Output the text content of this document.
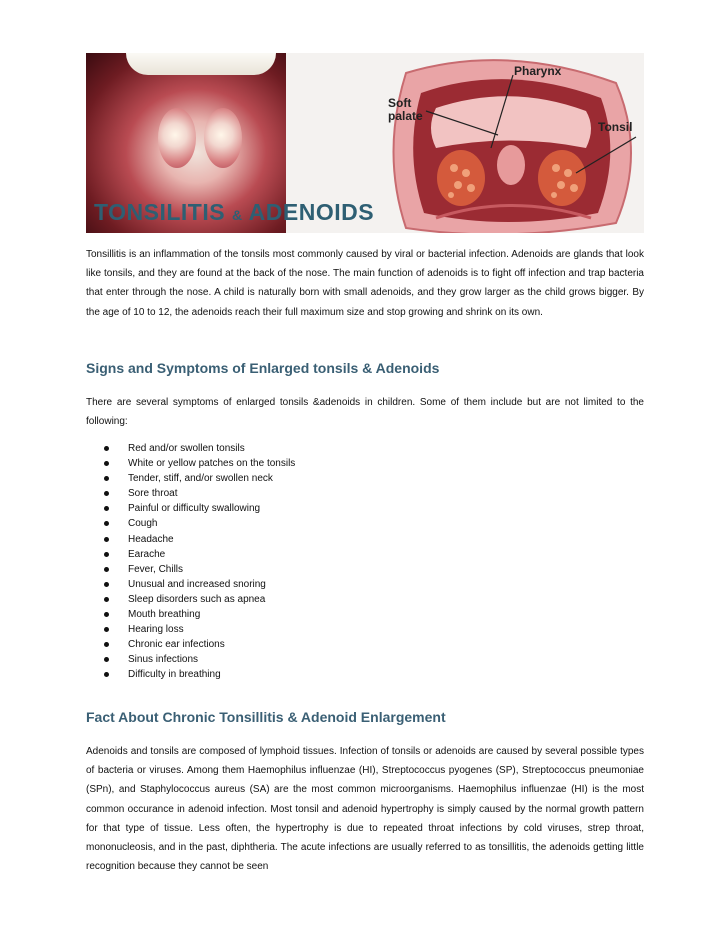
Soft
palate
Pharynx
Tonsil
TONSILITIS & ADENOIDS
Tonsillitis is an inflammation of the tonsils most commonly caused by viral or bacterial infection. Adenoids are glands that look like tonsils, and they are found at the back of the nose. The main function of adenoids is to fight off infection and trap bacteria that enter through the nose. A child is naturally born with small adenoids, and they grow larger as the child grows bigger. By the age of 10 to 12, the adenoids reach their full maximum size and stop growing and shrink on its own.
Signs and Symptoms of Enlarged tonsils & Adenoids
There are several symptoms of enlarged tonsils &adenoids in children. Some of them include but are not limited to the following:
Red and/or swollen tonsils
White or yellow patches on the tonsils
Tender, stiff, and/or swollen neck
Sore throat
Painful or difficulty swallowing
Cough
Headache
Earache
Fever, Chills
Unusual and increased snoring
Sleep disorders such as apnea
Mouth breathing
Hearing loss
Chronic ear infections
Sinus infections
Difficulty in breathing
Fact About Chronic Tonsillitis & Adenoid Enlargement
Adenoids and tonsils are composed of lymphoid tissues. Infection of tonsils or adenoids are caused by several possible types of bacteria or viruses. Among them Haemophilus influenzae (HI), Streptococcus pyogenes (SP), Streptococcus pneumoniae (SPn), and Staphylococcus aureus (SA) are the most common microorganisms. Haemophilus influenzae (HI) is the most common occurance in adenoid infection. Most tonsil and adenoid hypertrophy is simply caused by the normal growth pattern for that type of tissue. Less often, the hypertrophy is due to repeated throat infections by cold viruses, strep throat, mononucleosis, and in the past, diphtheria. The acute infections are usually referred to as tonsillitis, the adenoids getting little recognition because they cannot be seen
